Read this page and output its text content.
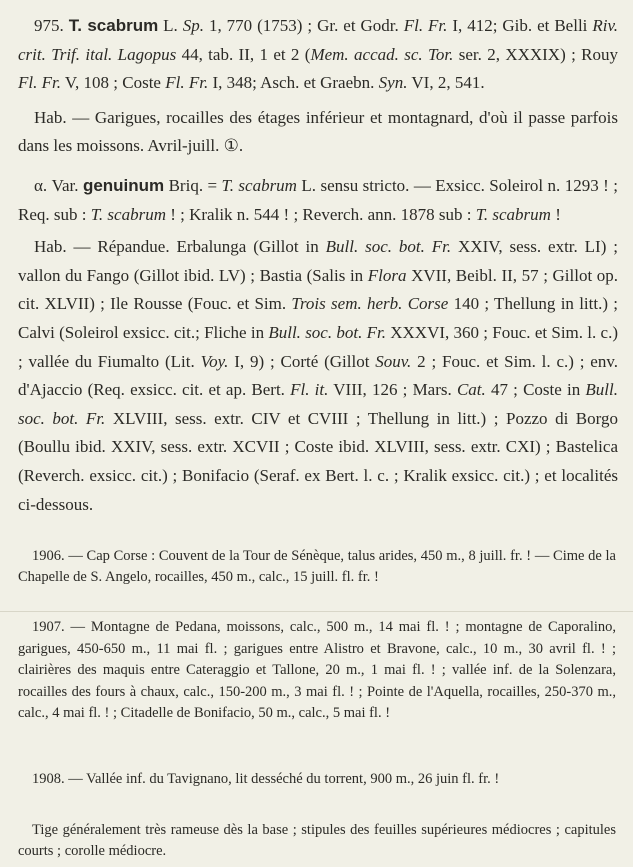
975. T. scabrum L. Sp. 1, 770 (1753) ; Gr. et Godr. Fl. Fr. I, 412; Gib. et Belli Riv. crit. Trif. ital. Lagopus 44, tab. II, 1 et 2 (Mem. accad. sc. Tor. ser. 2, XXXIX) ; Rouy Fl. Fr. V, 108 ; Coste Fl. Fr. I, 348; Asch. et Graebn. Syn. VI, 2, 541.

Hab. — Garigues, rocailles des étages inférieur et montagnard, d'où il passe parfois dans les moissons. Avril-juill. ①.

α. Var. genuinum Briq. = T. scabrum L. sensu stricto. — Exsicc. Soleirol n. 1293 ! ; Req. sub : T. scabrum ! ; Kralik n. 544 ! ; Reverch. ann. 1878 sub : T. scabrum !

Hab. — Répandue. Erbalunga (Gillot in Bull. soc. bot. Fr. XXIV, sess. extr. LI) ; vallon du Fango (Gillot ibid. LV) ; Bastia (Salis in Flora XVII, Beibl. II, 57 ; Gillot op. cit. XLVII) ; Ile Rousse (Fouc. et Sim. Trois sem. herb. Corse 140 ; Thellung in litt.) ; Calvi (Soleirol exsicc. cit.; Fliche in Bull. soc. bot. Fr. XXXVI, 360 ; Fouc. et Sim. l. c.) ; vallée du Fiumalto (Lit. Voy. I, 9) ; Corté (Gillot Souv. 2 ; Fouc. et Sim. l. c.) ; env. d'Ajaccio (Req. exsicc. cit. et ap. Bert. Fl. it. VIII, 126 ; Mars. Cat. 47 ; Coste in Bull. soc. bot. Fr. XLVIII, sess. extr. CIV et CVIII ; Thellung in litt.) ; Pozzo di Borgo (Boullu ibid. XXIV, sess. extr. XCVII ; Coste ibid. XLVIII, sess. extr. CXI) ; Bastelica (Reverch. exsicc. cit.) ; Bonifacio (Seraf. ex Bert. l. c. ; Kralik exsicc. cit.) ; et localités ci-dessous.

1906. — Cap Corse : Couvent de la Tour de Sénèque, talus arides, 450 m., 8 juill. fr. ! — Cime de la Chapelle de S. Angelo, rocailles, 450 m., calc., 15 juill. fl. fr. !

1907. — Montagne de Pedana, moissons, calc., 500 m., 14 mai fl. ! ; montagne de Caporalino, garigues, 450-650 m., 11 mai fl. ; garigues entre Alistro et Bravone, calc., 10 m., 30 avril fl. ! ; clairières des maquis entre Cateraggio et Tallone, 20 m., 1 mai fl. ! ; vallée inf. de la Solenzara, rocailles des fours à chaux, calc., 150-200 m., 3 mai fl. ! ; Pointe de l'Aquella, rocailles, 250-370 m., calc., 4 mai fl. ! ; Citadelle de Bonifacio, 50 m., calc., 5 mai fl. !

1908. — Vallée inf. du Tavignano, lit desséché du torrent, 900 m., 26 juin fl. fr. !

Tige généralement très rameuse dès la base ; stipules des feuilles supérieures médiocres ; capitules courts ; corolle médiocre.
